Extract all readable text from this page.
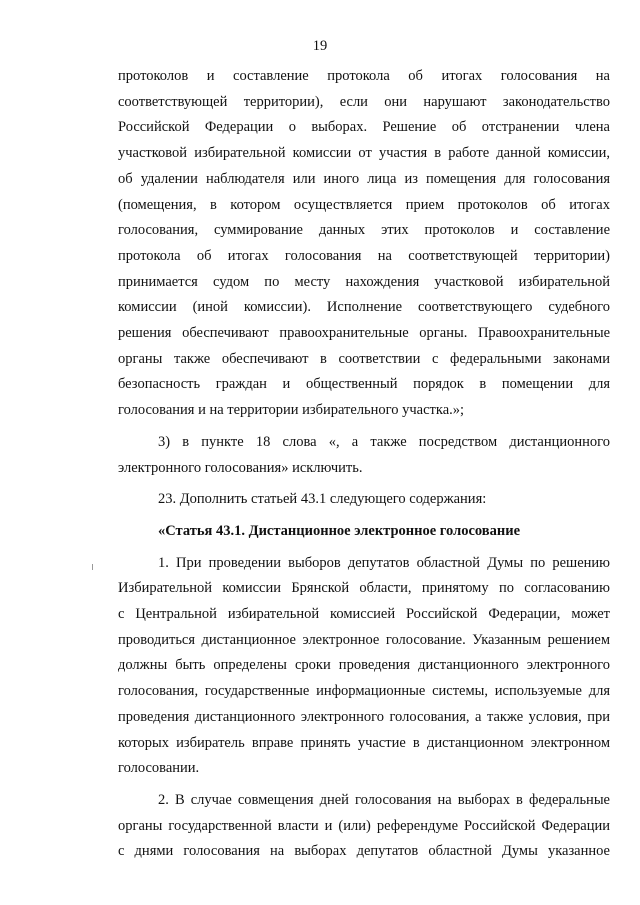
19
протоколов и составление протокола об итогах голосования на
соответствующей территории), если они нарушают законодательство
Российской Федерации о выборах. Решение об отстранении члена
участковой избирательной комиссии от участия в работе данной комиссии,
об удалении наблюдателя или иного лица из помещения для голосования
(помещения, в котором осуществляется прием протоколов об итогах
голосования, суммирование данных этих протоколов и составление
протокола об итогах голосования на соответствующей территории)
принимается судом по месту нахождения участковой избирательной
комиссии (иной комиссии). Исполнение соответствующего судебного
решения обеспечивают правоохранительные органы. Правоохранительные
органы также обеспечивают в соответствии с федеральными законами
безопасность граждан и общественный порядок в помещении для
голосования и на территории избирательного участка.»;
3) в пункте 18 слова «, а также посредством дистанционного
электронного голосования» исключить.
23. Дополнить статьей 43.1 следующего содержания:
«Статья 43.1. Дистанционное электронное голосование
1. При проведении выборов депутатов областной Думы по решению
Избирательной комиссии Брянской области, принятому по согласованию
с Центральной избирательной комиссией Российской Федерации, может
проводиться дистанционное электронное голосование. Указанным решением
должны быть определены сроки проведения дистанционного электронного
голосования, государственные информационные системы, используемые для
проведения дистанционного электронного голосования, а также условия, при
которых избиратель вправе принять участие в дистанционном электронном
голосовании.
2. В случае совмещения дней голосования на выборах в федеральные
органы государственной власти и (или) референдуме Российской Федерации
с днями голосования на выборах депутатов областной Думы указанное
